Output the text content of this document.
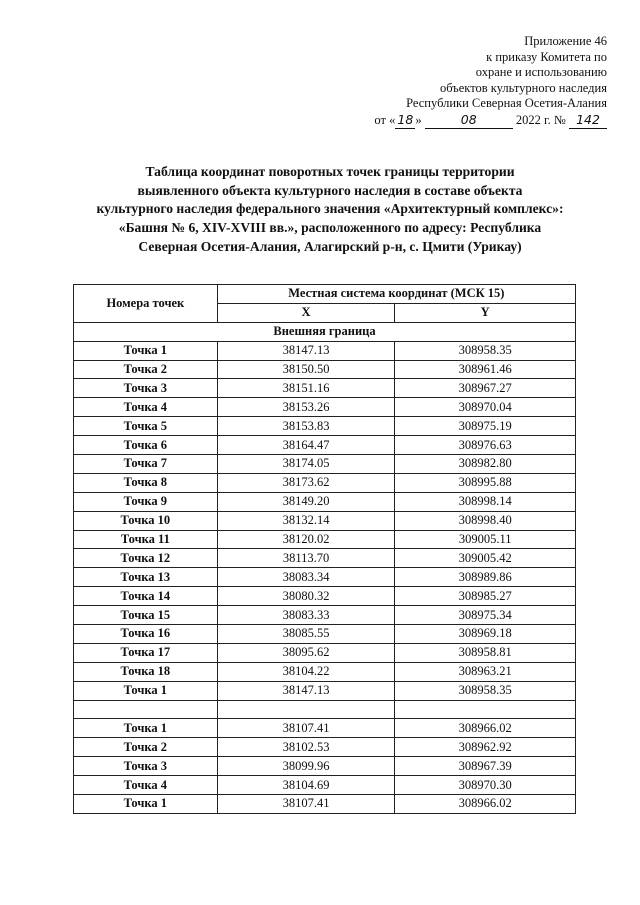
Приложение 46
к приказу Комитета по
охране и использованию
объектов культурного наследия
Республики Северная Осетия-Алания
от « 18 »	08	2022 г. № 142
Таблица координат поворотных точек границы территории
выявленного объекта культурного наследия в составе объекта
культурного наследия федерального значения «Архитектурный комплекс»:
«Башня № 6, XIV-XVIII вв.», расположенного по адресу: Республика
Северная Осетия-Алания, Алагирский р-н, с. Цмити (Урикау)
Номера точек	Местная система координат (МСК 15)	
	X	Y
Внешняя граница		
Точка 1	38147.13	308958.35
Точка 2	38150.50	308961.46
Точка 3	38151.16	308967.27
Точка 4	38153.26	308970.04
Точка 5	38153.83	308975.19
Точка 6	38164.47	308976.63
Точка 7	38174.05	308982.80
Точка 8	38173.62	308995.88
Точка 9	38149.20	308998.14
Точка 10	38132.14	308998.40
Точка 11	38120.02	309005.11
Точка 12	38113.70	309005.42
Точка 13	38083.34	308989.86
Точка 14	38080.32	308985.27
Точка 15	38083.33	308975.34
Точка 16	38085.55	308969.18
Точка 17	38095.62	308958.81
Точка 18	38104.22	308963.21
Точка 1	38147.13	308958.35

Точка 1	38107.41	308966.02
Точка 2	38102.53	308962.92
Точка 3	38099.96	308967.39
Точка 4	38104.69	308970.30
Точка 1	38107.41	308966.02
